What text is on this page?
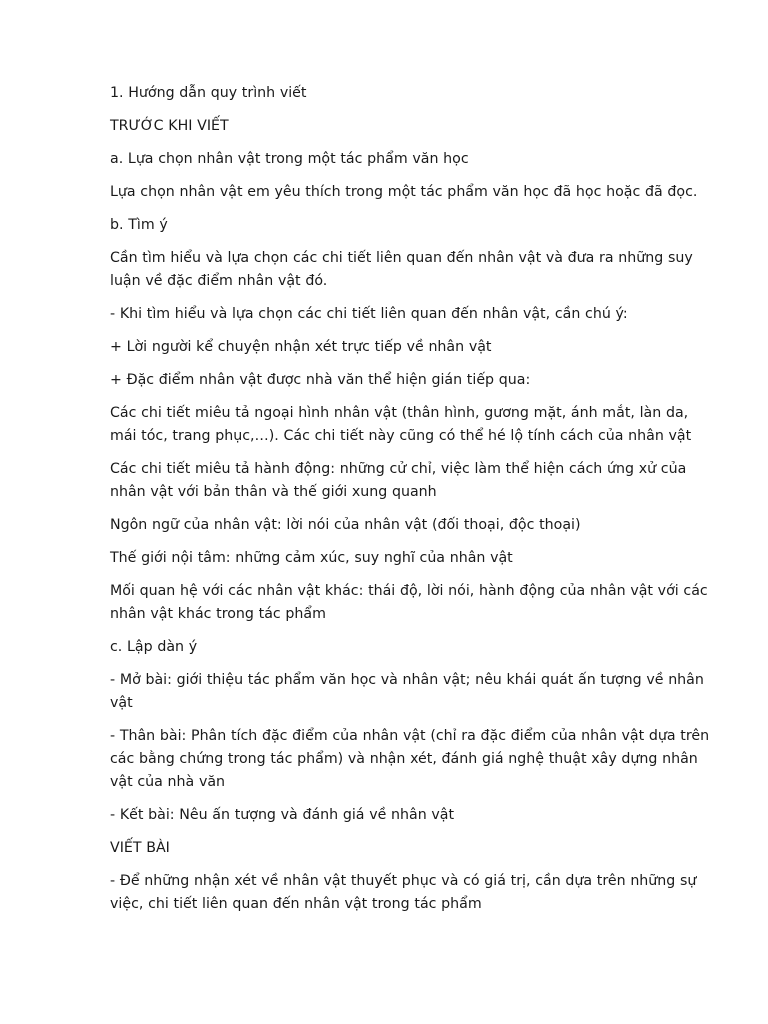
1. Hướng dẫn quy trình viết

TRƯỚC KHI VIẾT

a. Lựa chọn nhân vật trong một tác phẩm văn học

Lựa chọn nhân vật em yêu thích trong một tác phẩm văn học đã học hoặc đã đọc.

b. Tìm ý

Cần tìm hiểu và lựa chọn các chi tiết liên quan đến nhân vật và đưa ra những suy luận về đặc điểm nhân vật đó.

- Khi tìm hiểu và lựa chọn các chi tiết liên quan đến nhân vật, cần chú ý:

+ Lời người kể chuyện nhận xét trực tiếp về nhân vật

+ Đặc điểm nhân vật được nhà văn thể hiện gián tiếp qua:

Các chi tiết miêu tả ngoại hình nhân vật (thân hình, gương mặt, ánh mắt, làn da, mái tóc, trang phục,…). Các chi tiết này cũng có thể hé lộ tính cách của nhân vật

Các chi tiết miêu tả hành động: những cử chỉ, việc làm thể hiện cách ứng xử của nhân vật với bản thân và thế giới xung quanh

Ngôn ngữ của nhân vật: lời nói của nhân vật (đối thoại, độc thoại)

Thế giới nội tâm: những cảm xúc, suy nghĩ của nhân vật

Mối quan hệ với các nhân vật khác: thái độ, lời nói, hành động của nhân vật với các nhân vật khác trong tác phẩm

c. Lập dàn ý

- Mở bài: giới thiệu tác phẩm văn học và nhân vật; nêu khái quát ấn tượng về nhân vật

- Thân bài: Phân tích đặc điểm của nhân vật (chỉ ra đặc điểm của nhân vật dựa trên các bằng chứng trong tác phẩm) và nhận xét, đánh giá nghệ thuật xây dựng nhân vật của nhà văn

- Kết bài: Nêu ấn tượng và đánh giá về nhân vật

VIẾT BÀI

- Để những nhận xét về nhân vật thuyết phục và có giá trị, cần dựa trên những sự việc, chi tiết liên quan đến nhân vật trong tác phẩm
